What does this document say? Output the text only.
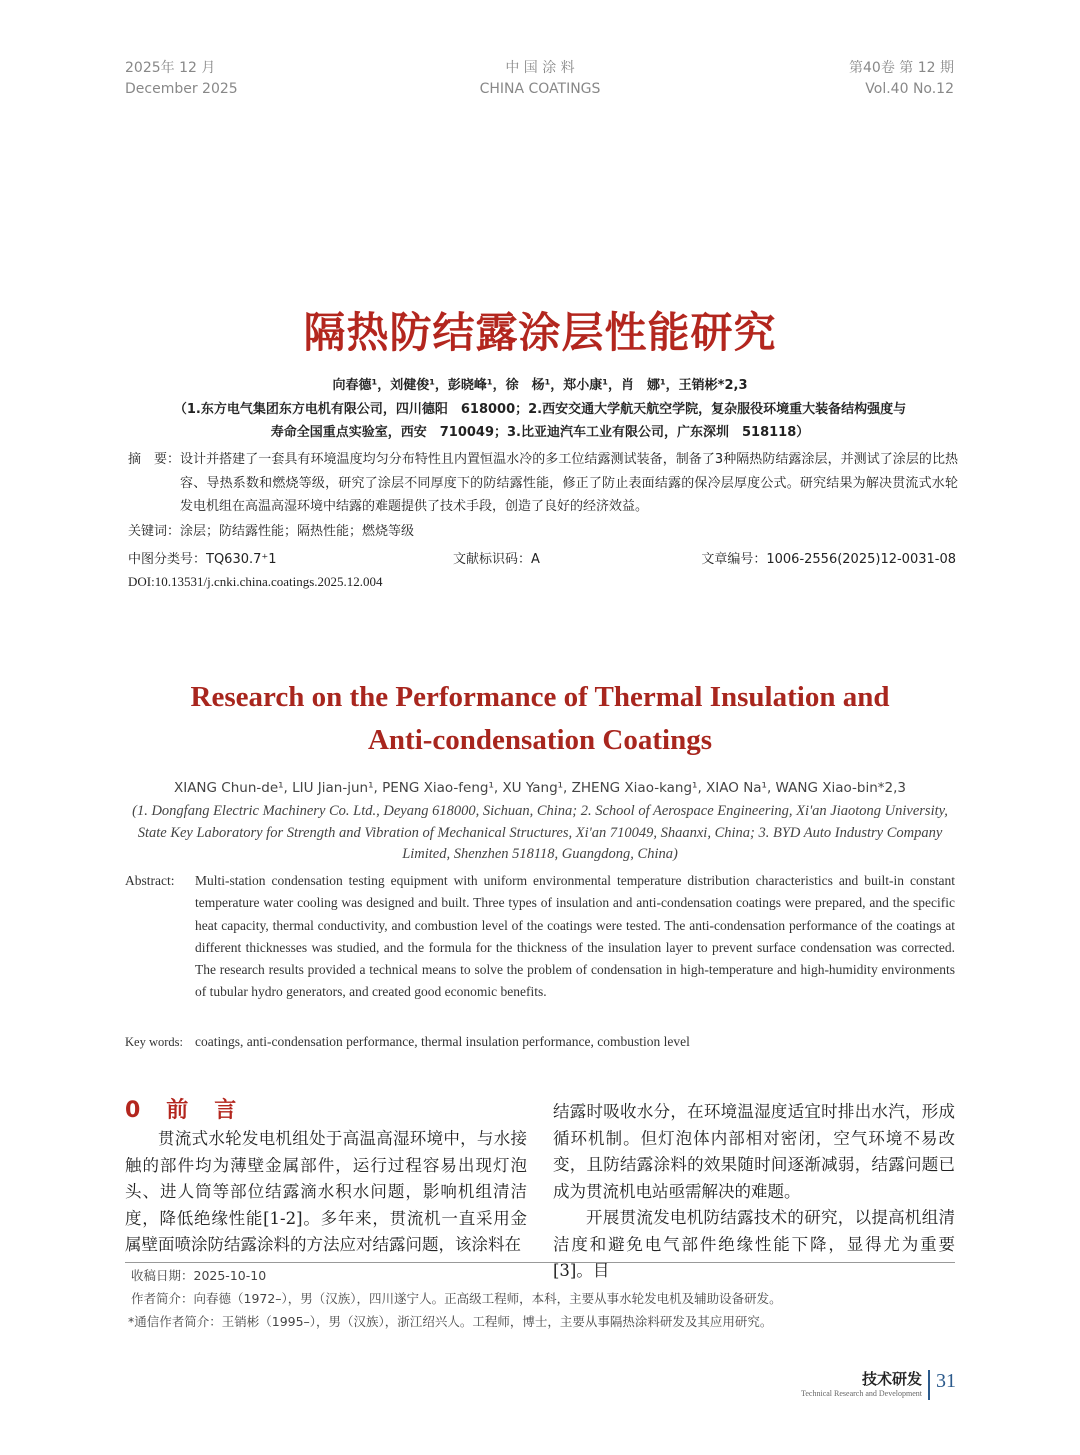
2025年 12 月
December 2025
中 国 涂 料
CHINA COATINGS
第40卷 第 12 期
Vol.40 No.12
隔热防结露涂层性能研究
向春德¹，刘健俊¹，彭晓峰¹，徐　杨¹，郑小康¹，肖　娜¹，王销彬*2,3
（1.东方电气集团东方电机有限公司，四川德阳　618000；2.西安交通大学航天航空学院，复杂服役环境重大装备结构强度与
寿命全国重点实验室，西安　710049；3.比亚迪汽车工业有限公司，广东深圳　518118）
摘　要： 设计并搭建了一套具有环境温度均匀分布特性且内置恒温水冷的多工位结露测试装备，制备了3种隔热防结露涂层，并测试了涂层的比热容、导热系数和燃烧等级，研究了涂层不同厚度下的防结露性能，修正了防止表面结露的保冷层厚度公式。研究结果为解决贯流式水轮发电机组在高温高湿环境中结露的难题提供了技术手段，创造了良好的经济效益。
关键词：涂层；防结露性能；隔热性能；燃烧等级
中图分类号：TQ630.7⁺1	文献标识码：A	文章编号：1006-2556(2025)12-0031-08
DOI:10.13531/j.cnki.china.coatings.2025.12.004
Research on the Performance of Thermal Insulation and
Anti-condensation Coatings
XIANG Chun-de¹, LIU Jian-jun¹, PENG Xiao-feng¹, XU Yang¹, ZHENG Xiao-kang¹, XIAO Na¹, WANG Xiao-bin*2,3
(1. Dongfang Electric Machinery Co. Ltd., Deyang 618000, Sichuan, China; 2. School of Aerospace Engineering, Xi'an Jiaotong University, State Key Laboratory for Strength and Vibration of Mechanical Structures, Xi'an 710049, Shaanxi, China; 3. BYD Auto Industry Company Limited, Shenzhen 518118, Guangdong, China)
Abstract: Multi-station condensation testing equipment with uniform environmental temperature distribution characteristics and built-in constant temperature water cooling was designed and built. Three types of insulation and anti-condensation coatings were prepared, and the specific heat capacity, thermal conductivity, and combustion level of the coatings were tested. The anti-condensation performance of the coatings at different thicknesses was studied, and the formula for the thickness of the insulation layer to prevent surface condensation was corrected. The research results provided a technical means to solve the problem of condensation in high-temperature and high-humidity environments of tubular hydro generators, and created good economic benefits.
Key words: coatings, anti-condensation performance, thermal insulation performance, combustion level
0　前　言

贯流式水轮发电机组处于高温高湿环境中，与水接触的部件均为薄壁金属部件，运行过程容易出现灯泡头、进人筒等部位结露滴水积水问题，影响机组清洁度，降低绝缘性能[1-2]。多年来，贯流机一直采用金属壁面喷涂防结露涂料的方法应对结露问题，该涂料在

结露时吸收水分，在环境温湿度适宜时排出水汽，形成循环机制。但灯泡体内部相对密闭，空气环境不易改变，且防结露涂料的效果随时间逐渐减弱，结露问题已成为贯流机电站亟需解决的难题。

开展贯流发电机防结露技术的研究，以提高机组清洁度和避免电气部件绝缘性能下降，显得尤为重要[3]。目

收稿日期：2025-10-10
作者简介：向春德（1972–），男（汉族），四川遂宁人。正高级工程师，本科，主要从事水轮发电机及辅助设备研发。
*通信作者简介：王销彬（1995–），男（汉族），浙江绍兴人。工程师，博士，主要从事隔热涂料研发及其应用研究。
技术研发
Technical Research and Development
31
